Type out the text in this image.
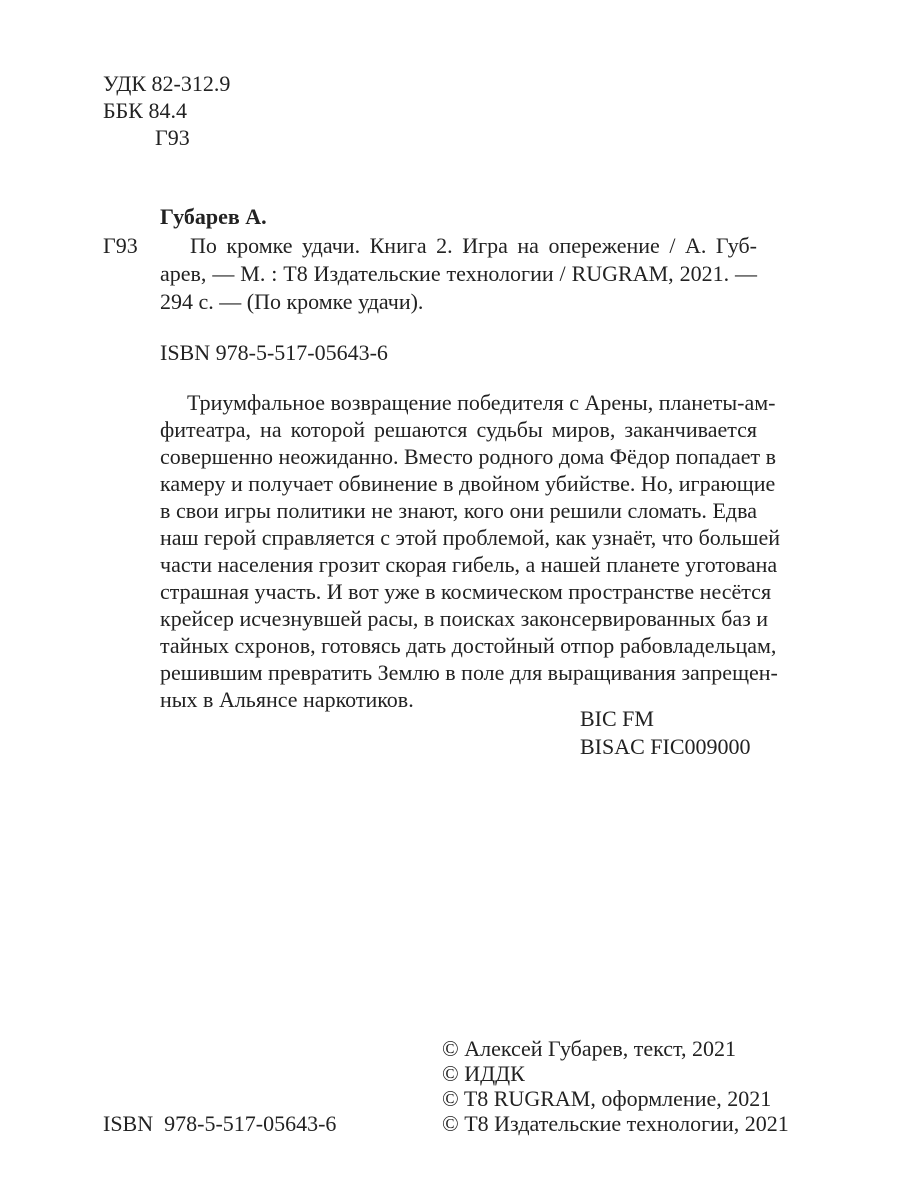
УДК 82-312.9
ББК 84.4
Г93
Губарев А.
Г93 По кромке удачи. Книга 2. Игра на опережение / А. Губ-
арев, — М. : Т8 Издательские технологии / RUGRAM, 2021. —
294 с. — (По кромке удачи).
ISBN 978-5-517-05643-6
Триумфальное возвращение победителя с Арены, планеты-ам-
фитеатра, на которой решаются судьбы миров, заканчивается
совершенно неожиданно. Вместо родного дома Фёдор попадает в
камеру и получает обвинение в двойном убийстве. Но, играющие
в свои игры политики не знают, кого они решили сломать. Едва
наш герой справляется с этой проблемой, как узнаёт, что большей
части населения грозит скорая гибель, а нашей планете уготована
страшная участь. И вот уже в космическом пространстве несётся
крейсер исчезнувшей расы, в поисках законсервированных баз и
тайных схронов, готовясь дать достойный отпор рабовладельцам,
решившим превратить Землю в поле для выращивания запрещен-
ных в Альянсе наркотиков.
BIC FM
BISAC FIC009000
ISBN  978-5-517-05643-6
© Алексей Губарев, текст, 2021
© ИДДК
© T8 RUGRAM, оформление, 2021
© Т8 Издательские технологии, 2021
